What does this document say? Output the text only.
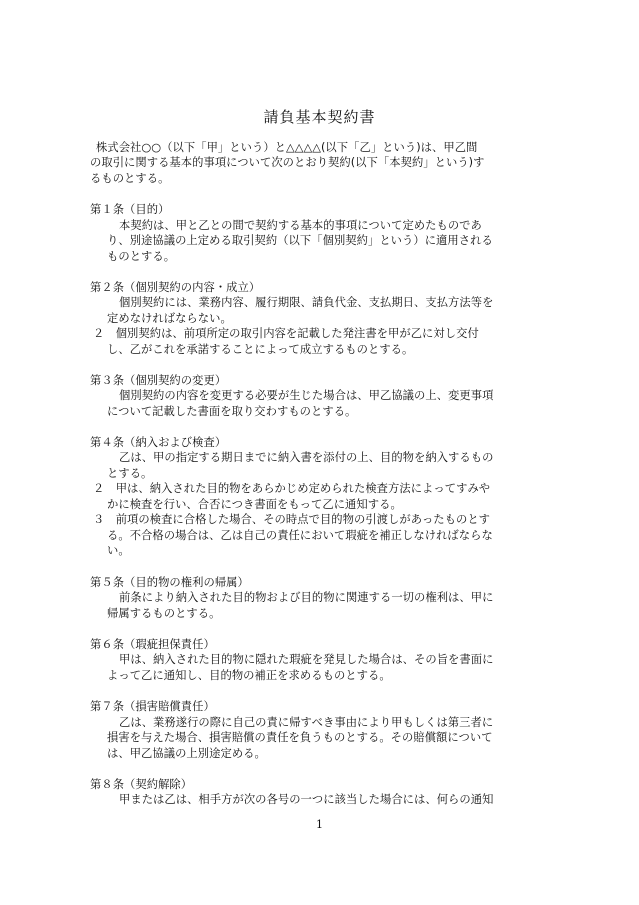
請負基本契約書
株式会社○○（以下「甲」という）と△△△△(以下「乙」という)は、甲乙間
の取引に関する基本的事項について次のとおり契約(以下「本契約」という)す
るものとする。
第１条（目的）
本契約は、甲と乙との間で契約する基本的事項について定めたものであ
り、別途協議の上定める取引契約（以下「個別契約」という）に適用される
ものとする。
第２条（個別契約の内容・成立）
個別契約には、業務内容、履行期限、請負代金、支払期日、支払方法等を
定めなければならない。
２　個別契約は、前項所定の取引内容を記載した発注書を甲が乙に対し交付
し、乙がこれを承諾することによって成立するものとする。
第３条（個別契約の変更）
個別契約の内容を変更する必要が生じた場合は、甲乙協議の上、変更事項
について記載した書面を取り交わすものとする。
第４条（納入および検査）
乙は、甲の指定する期日までに納入書を添付の上、目的物を納入するもの
とする。
２　甲は、納入された目的物をあらかじめ定められた検査方法によってすみや
かに検査を行い、合否につき書面をもって乙に通知する。
３　前項の検査に合格した場合、その時点で目的物の引渡しがあったものとす
る。不合格の場合は、乙は自己の責任において瑕疵を補正しなければならな
い。
第５条（目的物の権利の帰属）
前条により納入された目的物および目的物に関連する一切の権利は、甲に
帰属するものとする。
第６条（瑕疵担保責任）
甲は、納入された目的物に隠れた瑕疵を発見した場合は、その旨を書面に
よって乙に通知し、目的物の補正を求めるものとする。
第７条（損害賠償責任）
乙は、業務遂行の際に自己の責に帰すべき事由により甲もしくは第三者に
損害を与えた場合、損害賠償の責任を負うものとする。その賠償額について
は、甲乙協議の上別途定める。
第８条（契約解除）
甲または乙は、相手方が次の各号の一つに該当した場合には、何らの通知
1
